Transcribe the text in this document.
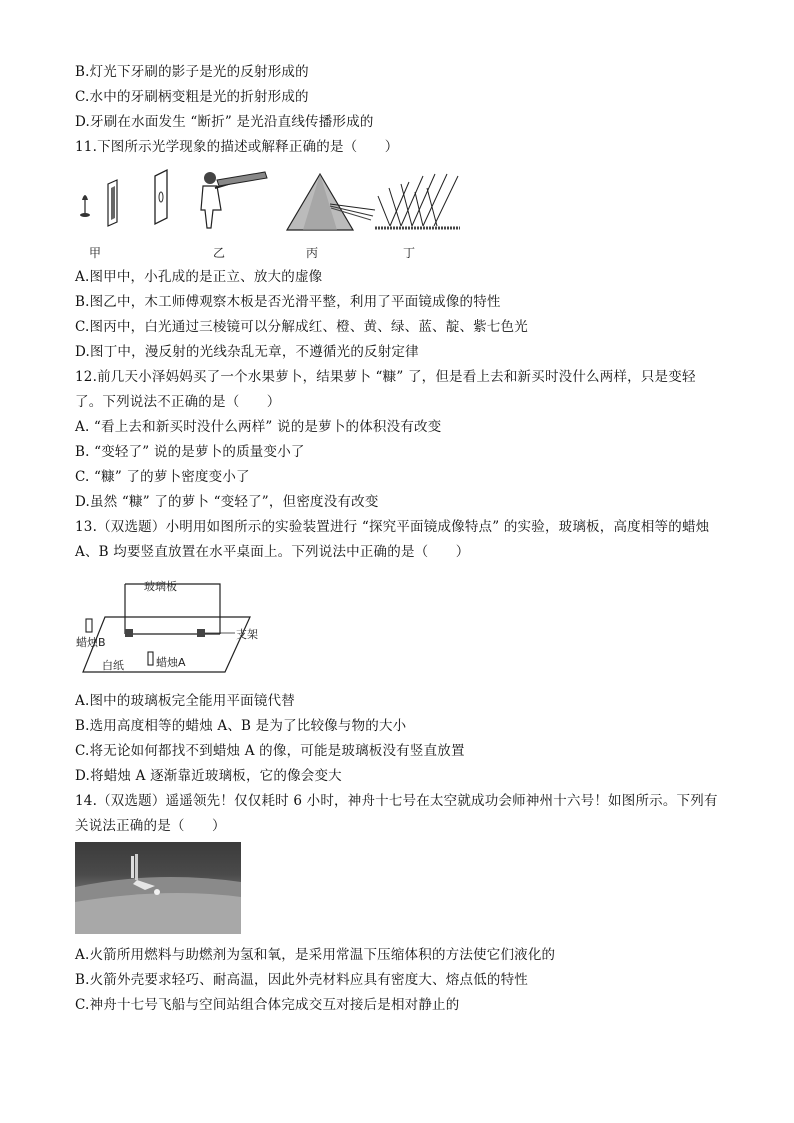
B.灯光下牙刷的影子是光的反射形成的
C.水中的牙刷柄变粗是光的折射形成的
D.牙刷在水面发生 “断折” 是光沿直线传播形成的
11.下图所示光学现象的描述或解释正确的是（　　）
甲	乙	丙	丁
A.图甲中，小孔成的是正立、放大的虚像
B.图乙中，木工师傅观察木板是否光滑平整，利用了平面镜成像的特性
C.图丙中，白光通过三棱镜可以分解成红、橙、黄、绿、蓝、靛、紫七色光
D.图丁中，漫反射的光线杂乱无章，不遵循光的反射定律
12.前几天小泽妈妈买了一个水果萝卜，结果萝卜 “糠” 了，但是看上去和新买时没什么两样，只是变轻
了。下列说法不正确的是（　　）
A. “看上去和新买时没什么两样” 说的是萝卜的体积没有改变
B. “变轻了” 说的是萝卜的质量变小了
C. “糠” 了的萝卜密度变小了
D.虽然 “糠” 了的萝卜 “变轻了”，但密度没有改变
13.（双选题）小明用如图所示的实验装置进行 “探究平面镜成像特点” 的实验，玻璃板，高度相等的蜡烛
A、B 均要竖直放置在水平桌面上。下列说法中正确的是（　　）
玻璃板
蜡烛B
支架
白纸	蜡烛A
A.图中的玻璃板完全能用平面镜代替
B.选用高度相等的蜡烛 A、B 是为了比较像与物的大小
C.将无论如何都找不到蜡烛 A 的像，可能是玻璃板没有竖直放置
D.将蜡烛 A 逐渐靠近玻璃板，它的像会变大
14.（双选题）遥遥领先！仅仅耗时 6 小时，神舟十七号在太空就成功会师神州十六号！如图所示。下列有
关说法正确的是（　　）
A.火箭所用燃料与助燃剂为氢和氧，是采用常温下压缩体积的方法使它们液化的
B.火箭外壳要求轻巧、耐高温，因此外壳材料应具有密度大、熔点低的特性
C.神舟十七号飞船与空间站组合体完成交互对接后是相对静止的
